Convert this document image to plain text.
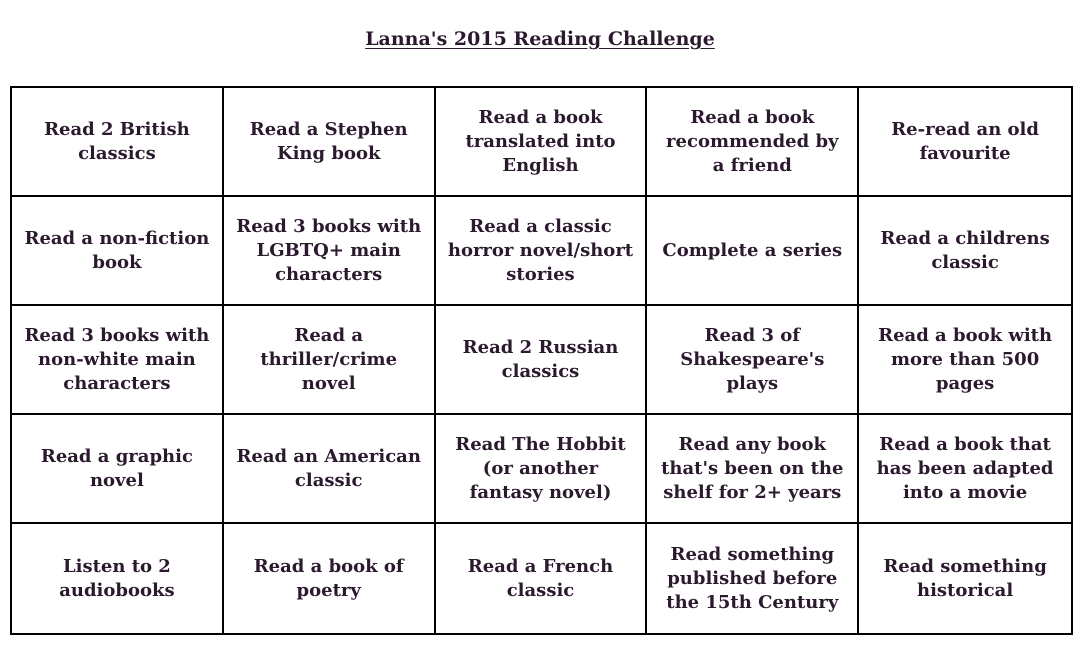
Lanna's 2015 Reading Challenge
Read 2 British classics
Read a Stephen King book
Read a book translated into English
Read a book recommended by a friend
Re-read an old favourite
Read a non-fiction book
Read 3 books with LGBTQ+ main characters
Read a classic horror novel/short stories
Complete a series
Read a childrens classic
Read 3 books with non-white main characters
Read a thriller/crime novel
Read 2 Russian classics
Read 3 of Shakespeare's plays
Read a book with more than 500 pages
Read a graphic novel
Read an American classic
Read The Hobbit (or another fantasy novel)
Read any book that's been on the shelf for 2+ years
Read a book that has been adapted into a movie
Listen to 2 audiobooks
Read a book of poetry
Read a French classic
Read something published before the 15th Century
Read something historical
